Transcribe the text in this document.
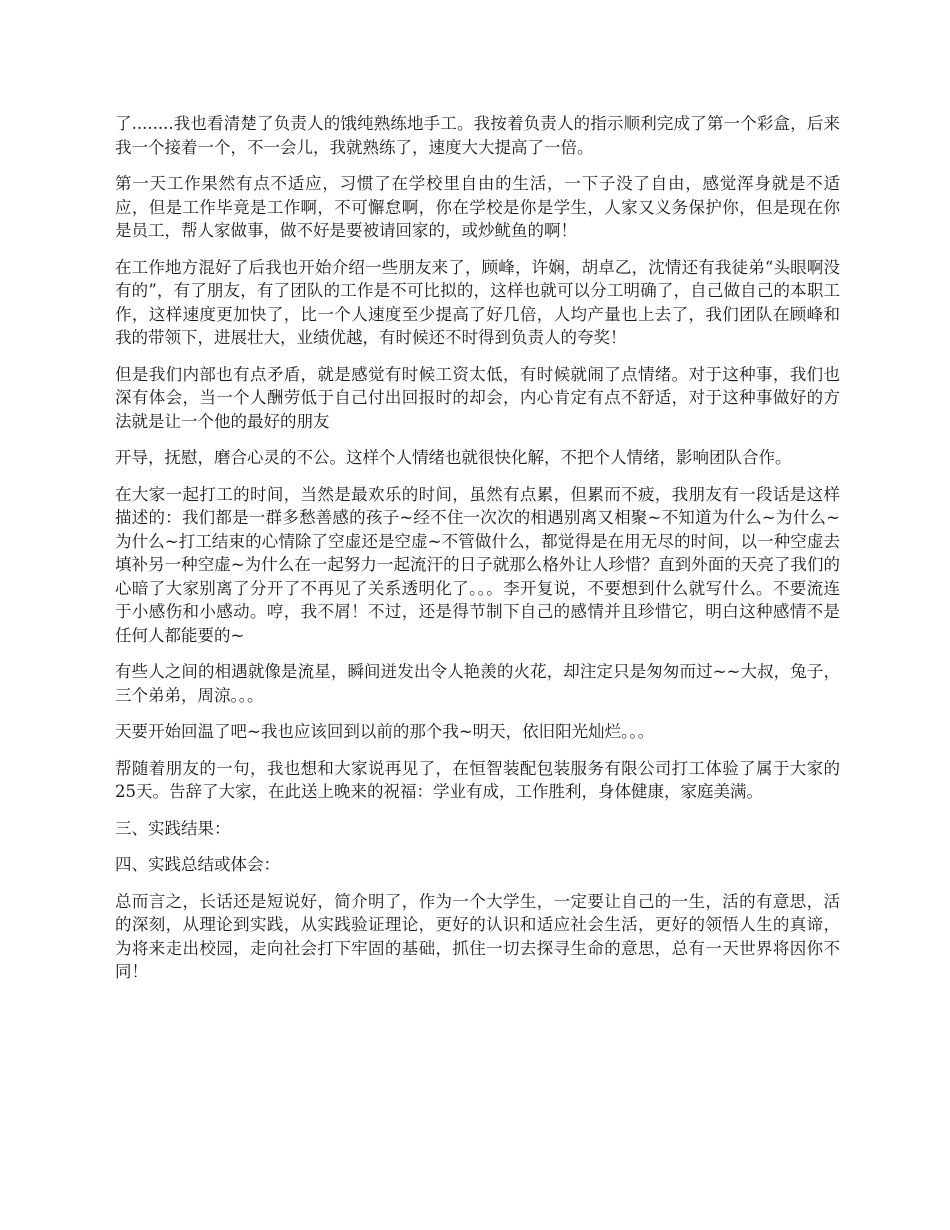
了........我也看清楚了负责人的饿纯熟练地手工。我按着负责人的指示顺利完成了第一个彩盒，后来我一个接着一个，不一会儿，我就熟练了，速度大大提高了一倍。

第一天工作果然有点不适应，习惯了在学校里自由的生活，一下子没了自由，感觉浑身就是不适应，但是工作毕竟是工作啊，不可懈怠啊，你在学校是你是学生，人家又义务保护你，但是现在你是员工，帮人家做事，做不好是要被请回家的，或炒鱿鱼的啊！

在工作地方混好了后我也开始介绍一些朋友来了，顾峰，许娴，胡卓乙，沈情还有我徒弟“头眼啊没有的”，有了朋友，有了团队的工作是不可比拟的，这样也就可以分工明确了，自己做自己的本职工作，这样速度更加快了，比一个人速度至少提高了好几倍，人均产量也上去了，我们团队在顾峰和我的带领下，进展壮大，业绩优越，有时候还不时得到负责人的夸奖！

但是我们内部也有点矛盾，就是感觉有时候工资太低，有时候就闹了点情绪。对于这种事，我们也深有体会，当一个人酬劳低于自己付出回报时的却会，内心肯定有点不舒适，对于这种事做好的方法就是让一个他的最好的朋友

开导，抚慰，磨合心灵的不公。这样个人情绪也就很快化解，不把个人情绪，影响团队合作。

在大家一起打工的时间，当然是最欢乐的时间，虽然有点累，但累而不疲，我朋友有一段话是这样描述的：我们都是一群多愁善感的孩子~经不住一次次的相遇别离又相聚~不知道为什么~为什么~为什么~打工结束的心情除了空虚还是空虚~不管做什么，都觉得是在用无尽的时间，以一种空虚去填补另一种空虚~为什么在一起努力一起流汗的日子就那么格外让人珍惜？直到外面的天亮了我们的心暗了大家别离了分开了不再见了关系透明化了。。。李开复说，不要想到什么就写什么。不要流连于小感伤和小感动。哼，我不屑！不过，还是得节制下自己的感情并且珍惜它，明白这种感情不是任何人都能要的~

有些人之间的相遇就像是流星，瞬间迸发出令人艳羡的火花，却注定只是匆匆而过~~大叔，兔子，三个弟弟，周涼。。。

天要开始回温了吧~我也应该回到以前的那个我~明天，依旧阳光灿烂。。。

帮随着朋友的一句，我也想和大家说再见了，在恒智装配包装服务有限公司打工体验了属于大家的25天。告辞了大家，在此送上晚来的祝福：学业有成，工作胜利，身体健康，家庭美满。

三、实践结果：

四、实践总结或体会：

总而言之，长话还是短说好，简介明了，作为一个大学生，一定要让自己的一生，活的有意思，活的深刻，从理论到实践，从实践验证理论，更好的认识和适应社会生活，更好的领悟人生的真谛，为将来走出校园，走向社会打下牢固的基础，抓住一切去探寻生命的意思，总有一天世界将因你不同！
